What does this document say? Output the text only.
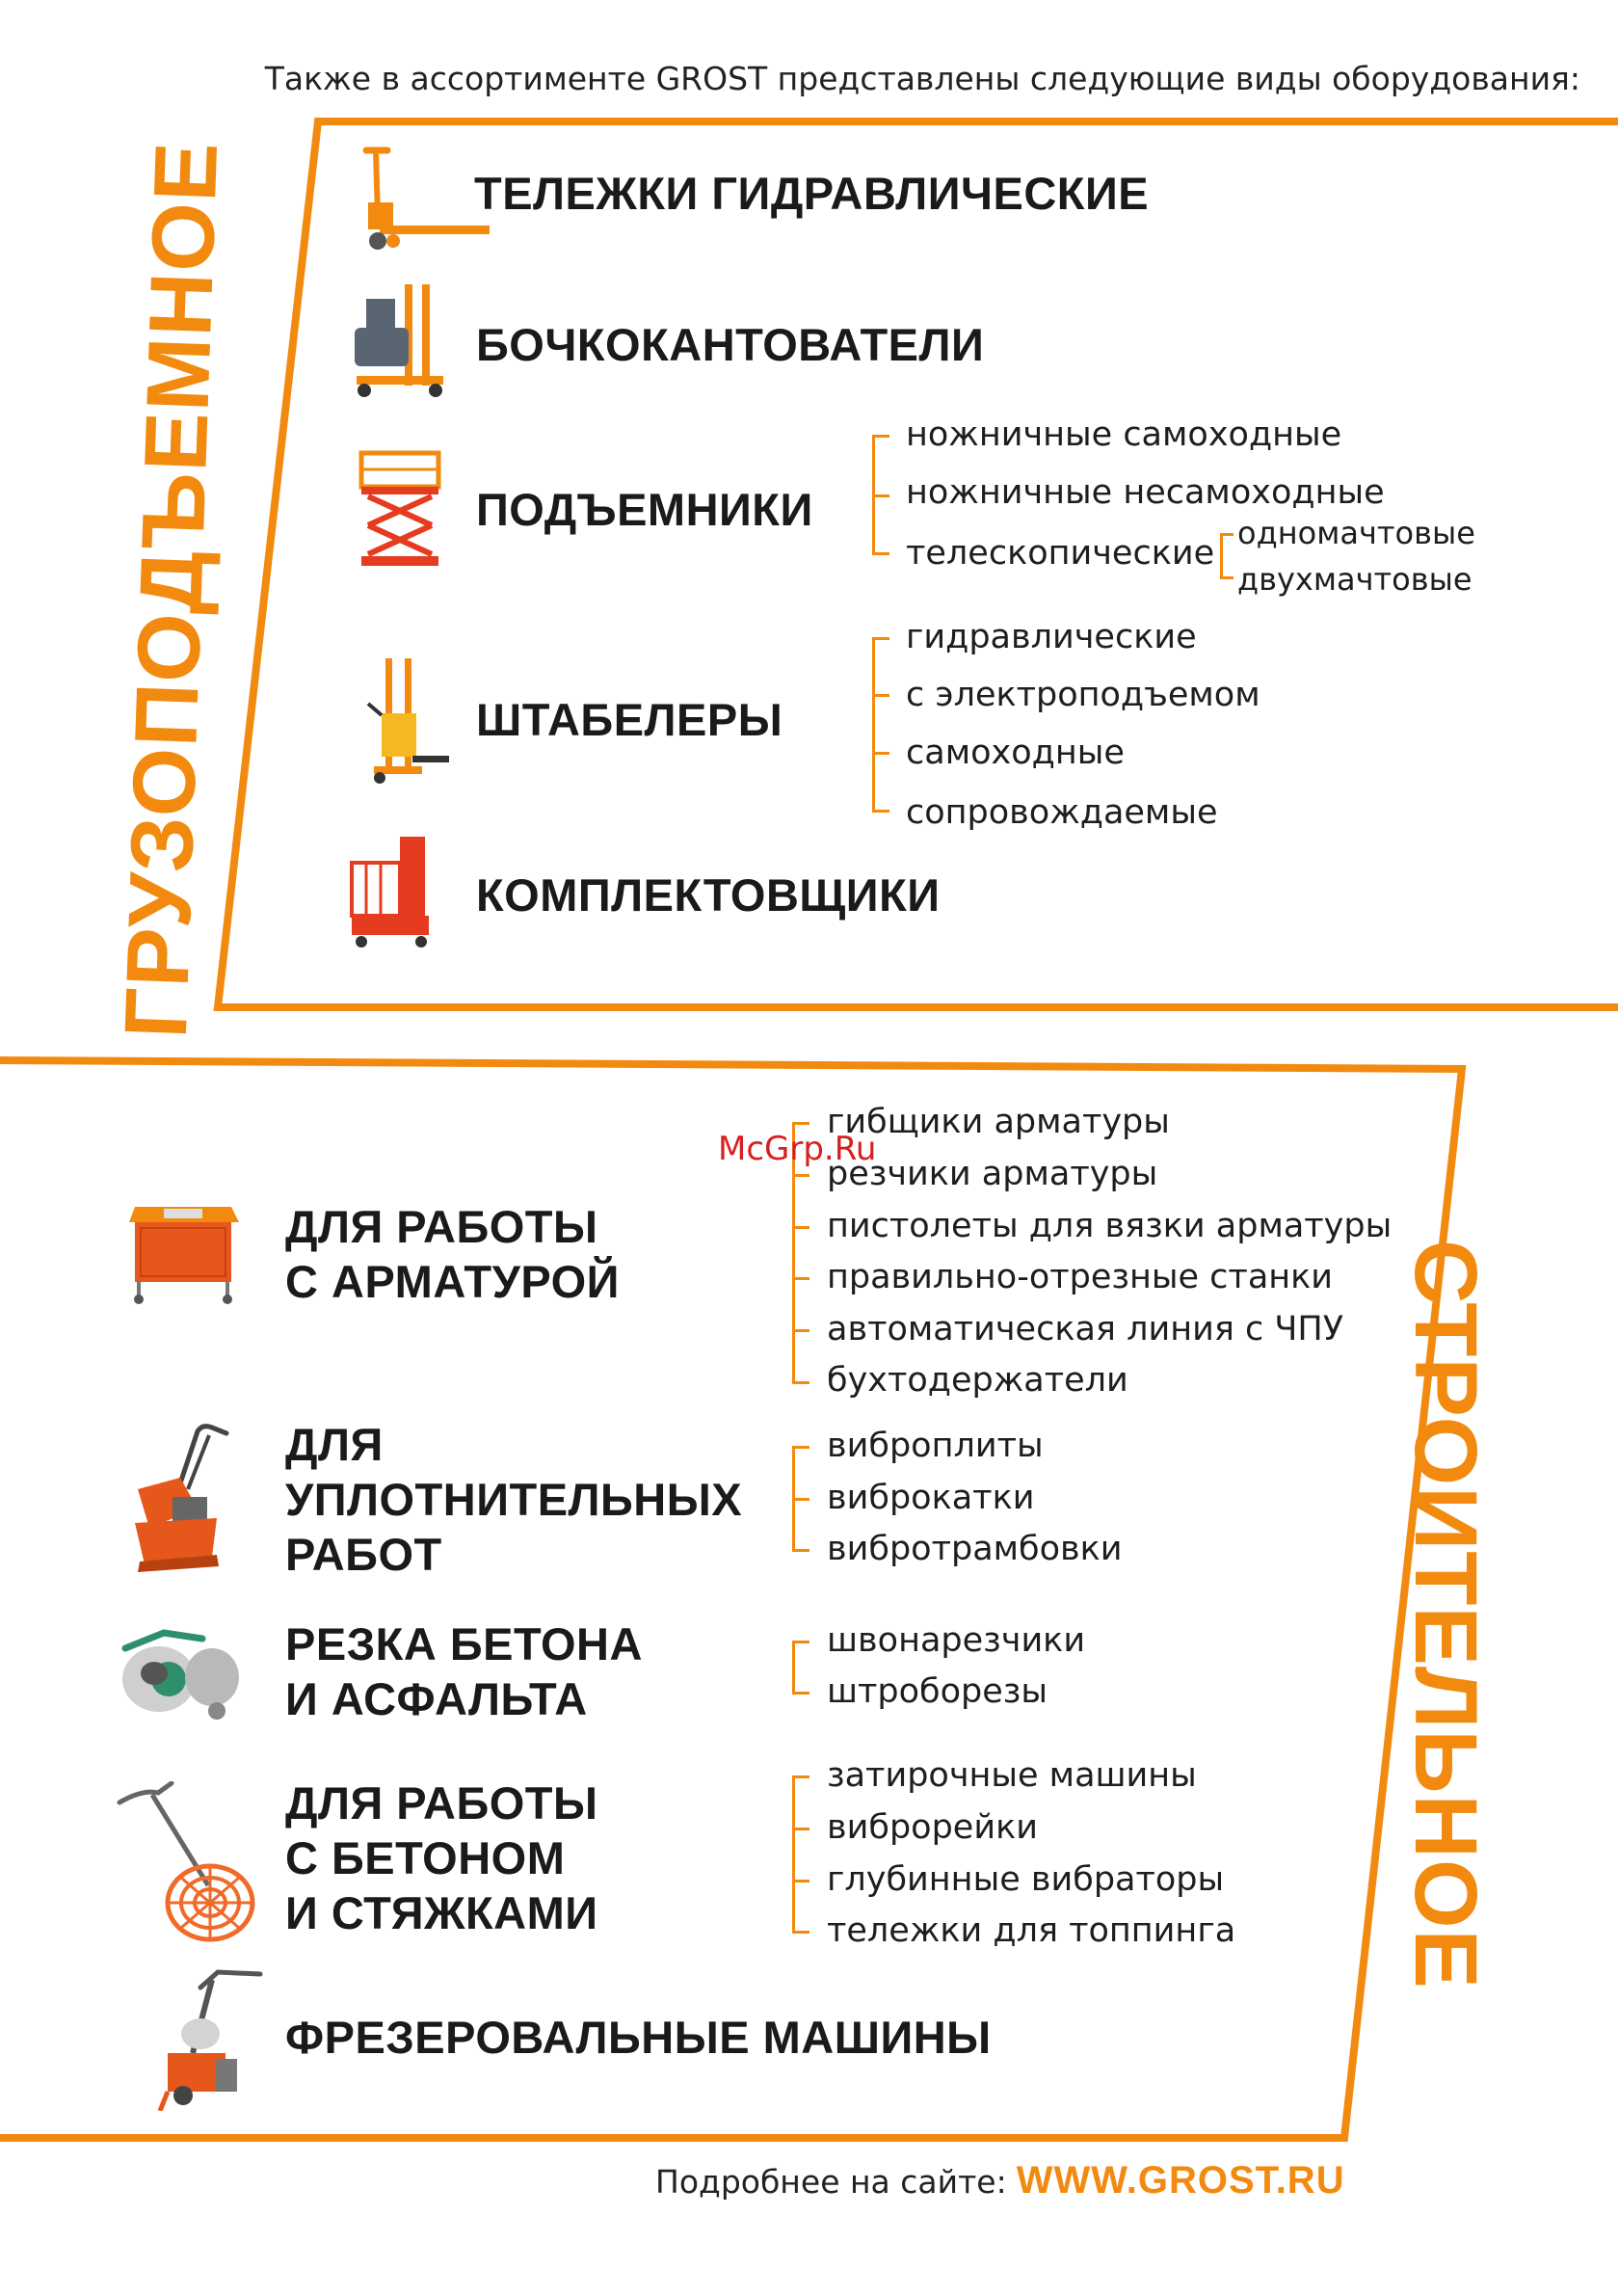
Также в ассортименте GROST представлены следующие виды оборудования:
ГРУЗОПОДЪЕМНОЕ
СТРОИТЕЛЬНОЕ
ТЕЛЕЖКИ ГИДРАВЛИЧЕСКИЕ
БОЧКОКАНТОВАТЕЛИ
ПОДЪЕМНИКИ
ножничные самоходные
ножничные несамоходные
телескопические
одномачтовые
двухмачтовые
ШТАБЕЛЕРЫ
гидравлические
с электроподъемом
самоходные
сопровождаемые
КОМПЛЕКТОВЩИКИ
ДЛЯ РАБОТЫ
С АРМАТУРОЙ
гибщики арматуры
резчики арматуры
пистолеты для вязки арматуры
правильно-отрезные станки
автоматическая линия с ЧПУ
бухтодержатели
McGrp.Ru
ДЛЯ
УПЛОТНИТЕЛЬНЫХ
РАБОТ
виброплиты
виброкатки
вибротрамбовки
РЕЗКА БЕТОНА
И АСФАЛЬТА
швонарезчики
штроборезы
ДЛЯ РАБОТЫ
С БЕТОНОМ
И СТЯЖКАМИ
затирочные машины
виброрейки
глубинные вибраторы
тележки для топпинга
ФРЕЗЕРОВАЛЬНЫЕ МАШИНЫ
Подробнее на сайте: WWW.GROST.RU
